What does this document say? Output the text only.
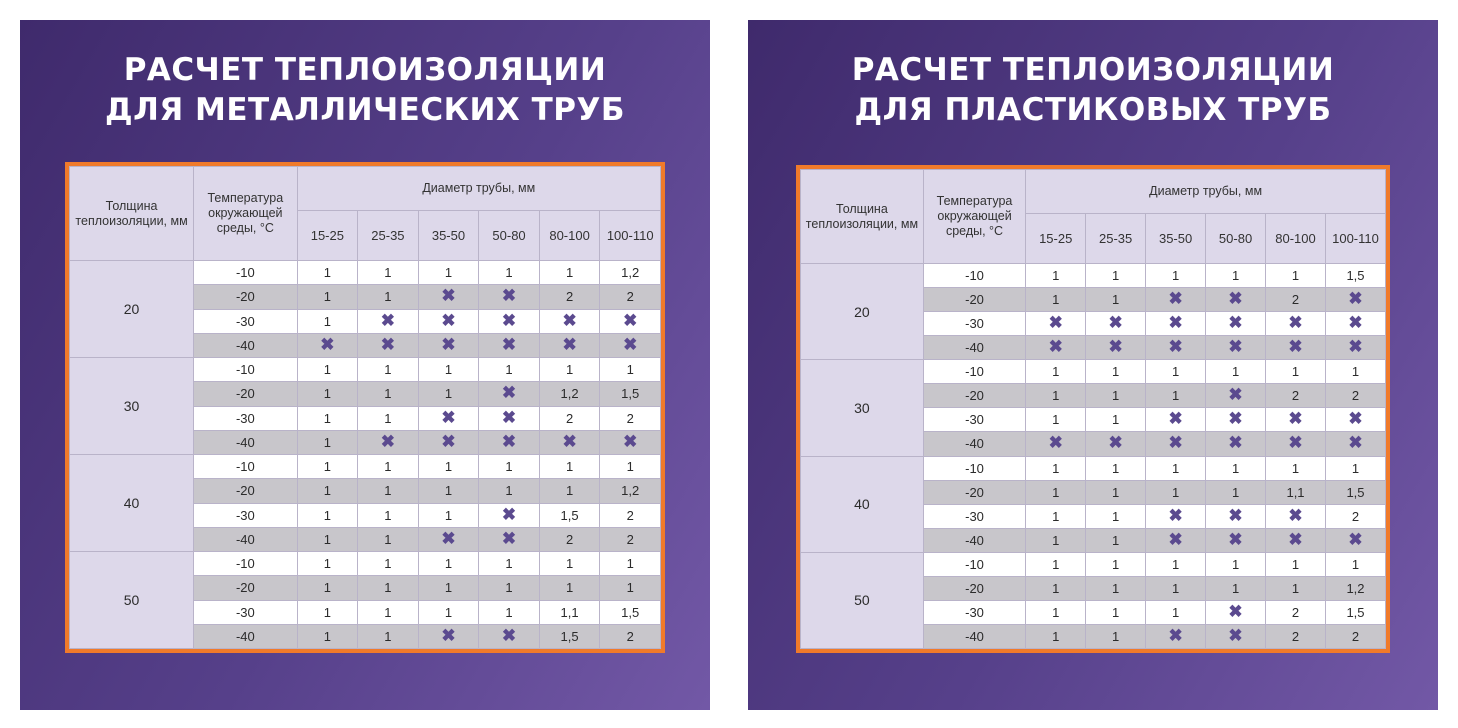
РАСЧЕТ ТЕПЛОИЗОЛЯЦИИ
ДЛЯ МЕТАЛЛИЧЕСКИХ ТРУБ
Толщина теплоизоляции, мм	Температура окружающей среды, °С	Диаметр трубы, мм					
		15-25	25-35	35-50	50-80	80-100	100-110
20	-10	1	1	1	1	1	1,2
	-20	1	1	✖	✖	2	2
	-30	1	✖	✖	✖	✖	✖
	-40	✖	✖	✖	✖	✖	✖
30	-10	1	1	1	1	1	1
	-20	1	1	1	✖	1,2	1,5
	-30	1	1	✖	✖	2	2
	-40	1	✖	✖	✖	✖	✖
40	-10	1	1	1	1	1	1
	-20	1	1	1	1	1	1,2
	-30	1	1	1	✖	1,5	2
	-40	1	1	✖	✖	2	2
50	-10	1	1	1	1	1	1
	-20	1	1	1	1	1	1
	-30	1	1	1	1	1,1	1,5
	-40	1	1	✖	✖	1,5	2
РАСЧЕТ ТЕПЛОИЗОЛЯЦИИ
ДЛЯ ПЛАСТИКОВЫХ ТРУБ
Толщина теплоизоляции, мм	Температура окружающей среды, °С	Диаметр трубы, мм					
		15-25	25-35	35-50	50-80	80-100	100-110
20	-10	1	1	1	1	1	1,5
	-20	1	1	✖	✖	2	✖
	-30	✖	✖	✖	✖	✖	✖
	-40	✖	✖	✖	✖	✖	✖
30	-10	1	1	1	1	1	1
	-20	1	1	1	✖	2	2
	-30	1	1	✖	✖	✖	✖
	-40	✖	✖	✖	✖	✖	✖
40	-10	1	1	1	1	1	1
	-20	1	1	1	1	1,1	1,5
	-30	1	1	✖	✖	✖	2
	-40	1	1	✖	✖	✖	✖
50	-10	1	1	1	1	1	1
	-20	1	1	1	1	1	1,2
	-30	1	1	1	✖	2	1,5
	-40	1	1	✖	✖	2	2
